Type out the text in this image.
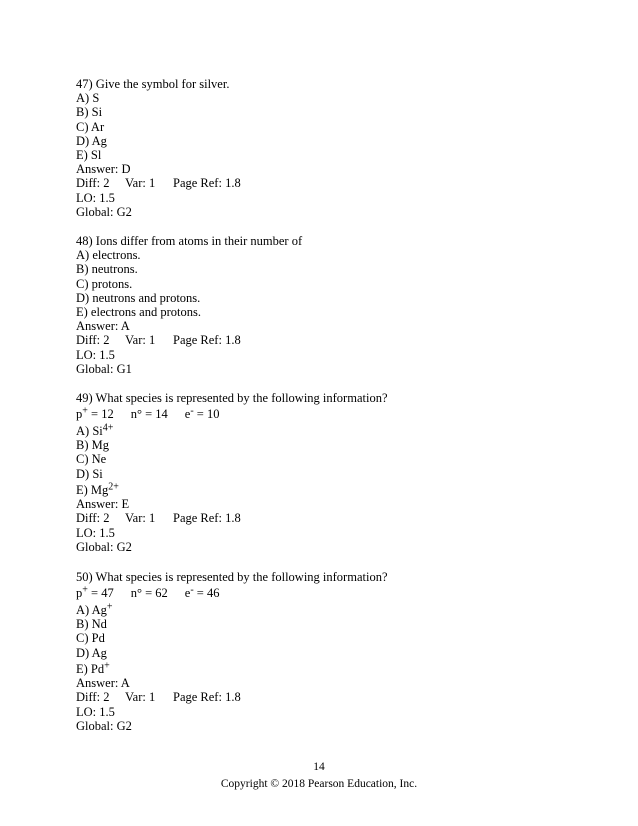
47) Give the symbol for silver.
A) S
B) Si
C) Ar
D) Ag
E) Sl
Answer: D
Diff: 2 Var: 1 Page Ref: 1.8
LO: 1.5
Global: G2
48) Ions differ from atoms in their number of
A) electrons.
B) neutrons.
C) protons.
D) neutrons and protons.
E) electrons and protons.
Answer: A
Diff: 2 Var: 1 Page Ref: 1.8
LO: 1.5
Global: G1
49) What species is represented by the following information?
p+ = 12 n° = 14 e- = 10
A) $Si^{4+}$
B) Mg
C) Ne
D) Si
E) $Mg^{2+}$
Answer: E
Diff: 2 Var: 1 Page Ref: 1.8
LO: 1.5
Global: G2
50) What species is represented by the following information?
p+ = 47 n° = 62 e- = 46
A) Ag+
B) Nd
C) Pd
D) Ag
E) Pd+
Answer: A
Diff: 2 Var: 1 Page Ref: 1.8
LO: 1.5
Global: G2
14
Copyright © 2018 Pearson Education, Inc.
